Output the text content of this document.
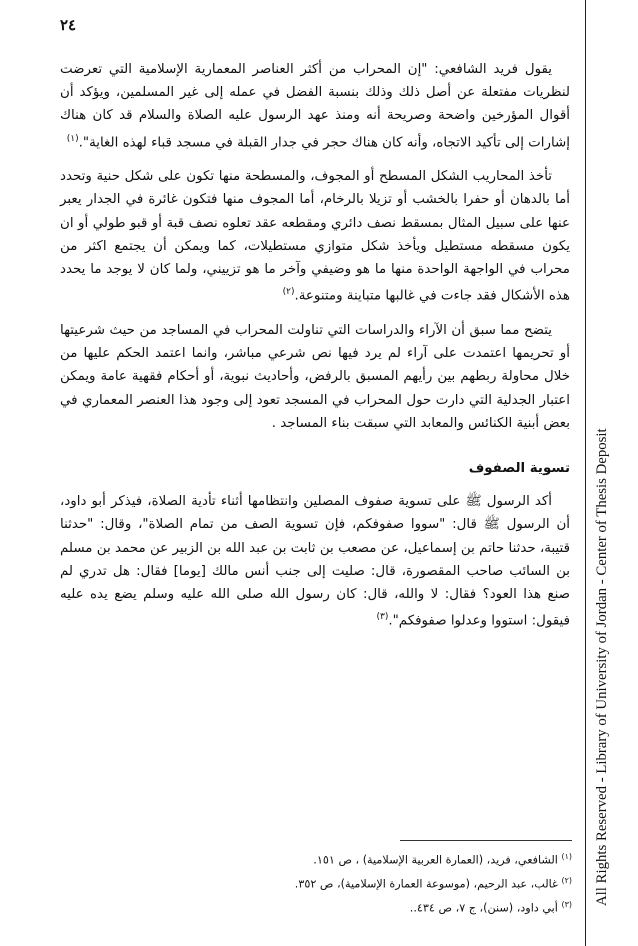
٢٤

يقول فريد الشافعي: "إن المحراب من أكثر العناصر المعمارية الإسلامية التي تعرضت لنظريات مفتعلة عن أصل ذلك وذلك بنسبة الفضل في عمله إلى غير المسلمين، ويؤكد أن أقوال المؤرخين واضحة وصريحة أنه ومنذ عهد الرسول عليه الصلاة والسلام قد كان هناك إشارات إلى تأكيد الاتجاه، وأنه كان هناك حجر في جدار القبلة في مسجد قباء لهذه الغاية".$^{(١)}$

تأخذ المحاريب الشكل المسطح أو المجوف، والمسطحة منها تكون على شكل حنية وتحدد أما بالدهان أو حفرا بالخشب أو تزيلا بالرخام، أما المجوف منها فتكون غائرة في الجدار يعبر عنها على سبيل المثال بمسقط نصف دائري ومقطعه عقد تعلوه نصف قبة أو قبو طولي أو ان يكون مسقطه مستطيل ويأخذ شكل متوازي مستطيلات، كما ويمكن أن يجتمع اكثر من محراب في الواجهة الواحدة منها ما هو وضيفي وآخر ما هو تزييني، ولما كان لا يوجد ما يحدد هذه الأشكال فقد جاءت في غالبها متباينة ومتنوعة.$^{(٢)}$

يتضح مما سبق أن الآراء والدراسات التي تناولت المحراب في المساجد من حيث شرعيتها أو تحريمها اعتمدت على آراء لم يرد فيها نص شرعي مباشر، وانما اعتمد الحكم عليها من خلال محاولة ربطهم بين رأيهم المسبق بالرفض، وأحاديث نبوية، أو أحكام فقهية عامة ويمكن اعتبار الجدلية التي دارت حول المحراب في المسجد تعود إلى وجود هذا العنصر المعماري في بعض أبنية الكنائس والمعابد التي سبقت بناء المساجد .

تسوية الصفوف

أكد الرسول ﷺ على تسوية صفوف المصلين وانتظامها أثناء تأدية الصلاة، فيذكر أبو داود، أن الرسول ﷺ قال: "سووا صفوفكم، فإن تسوية الصف من تمام الصلاة"، وقال: "حدثنا قتيبة، حدثنا حاتم بن إسماعيل، عن مصعب بن ثابت بن عبد الله بن الزبير عن محمد بن مسلم بن السائب صاحب المقصورة، قال: صليت إلى جنب أنس مالك [يوما] فقال: هل تدري لم صنع هذا العود؟ فقال: لا والله، قال: كان رسول الله صلى الله عليه وسلم يضع يده عليه فيقول: استووا وعدلوا صفوفكم".$^{(٣)}$

$^{(١)}$ الشافعي، فريد، (العمارة العربية الإسلامية) ، ص ١٥١.
$^{(٢)}$ غالب، عبد الرحيم، (موسوعة العمارة الإسلامية)، ص ٣٥٢.
$^{(٣)}$ أبي داود، (سنن)، ج ٧، ص ٤٣٤..
All Rights Reserved - Library of University of Jordan - Center of Thesis Deposit
